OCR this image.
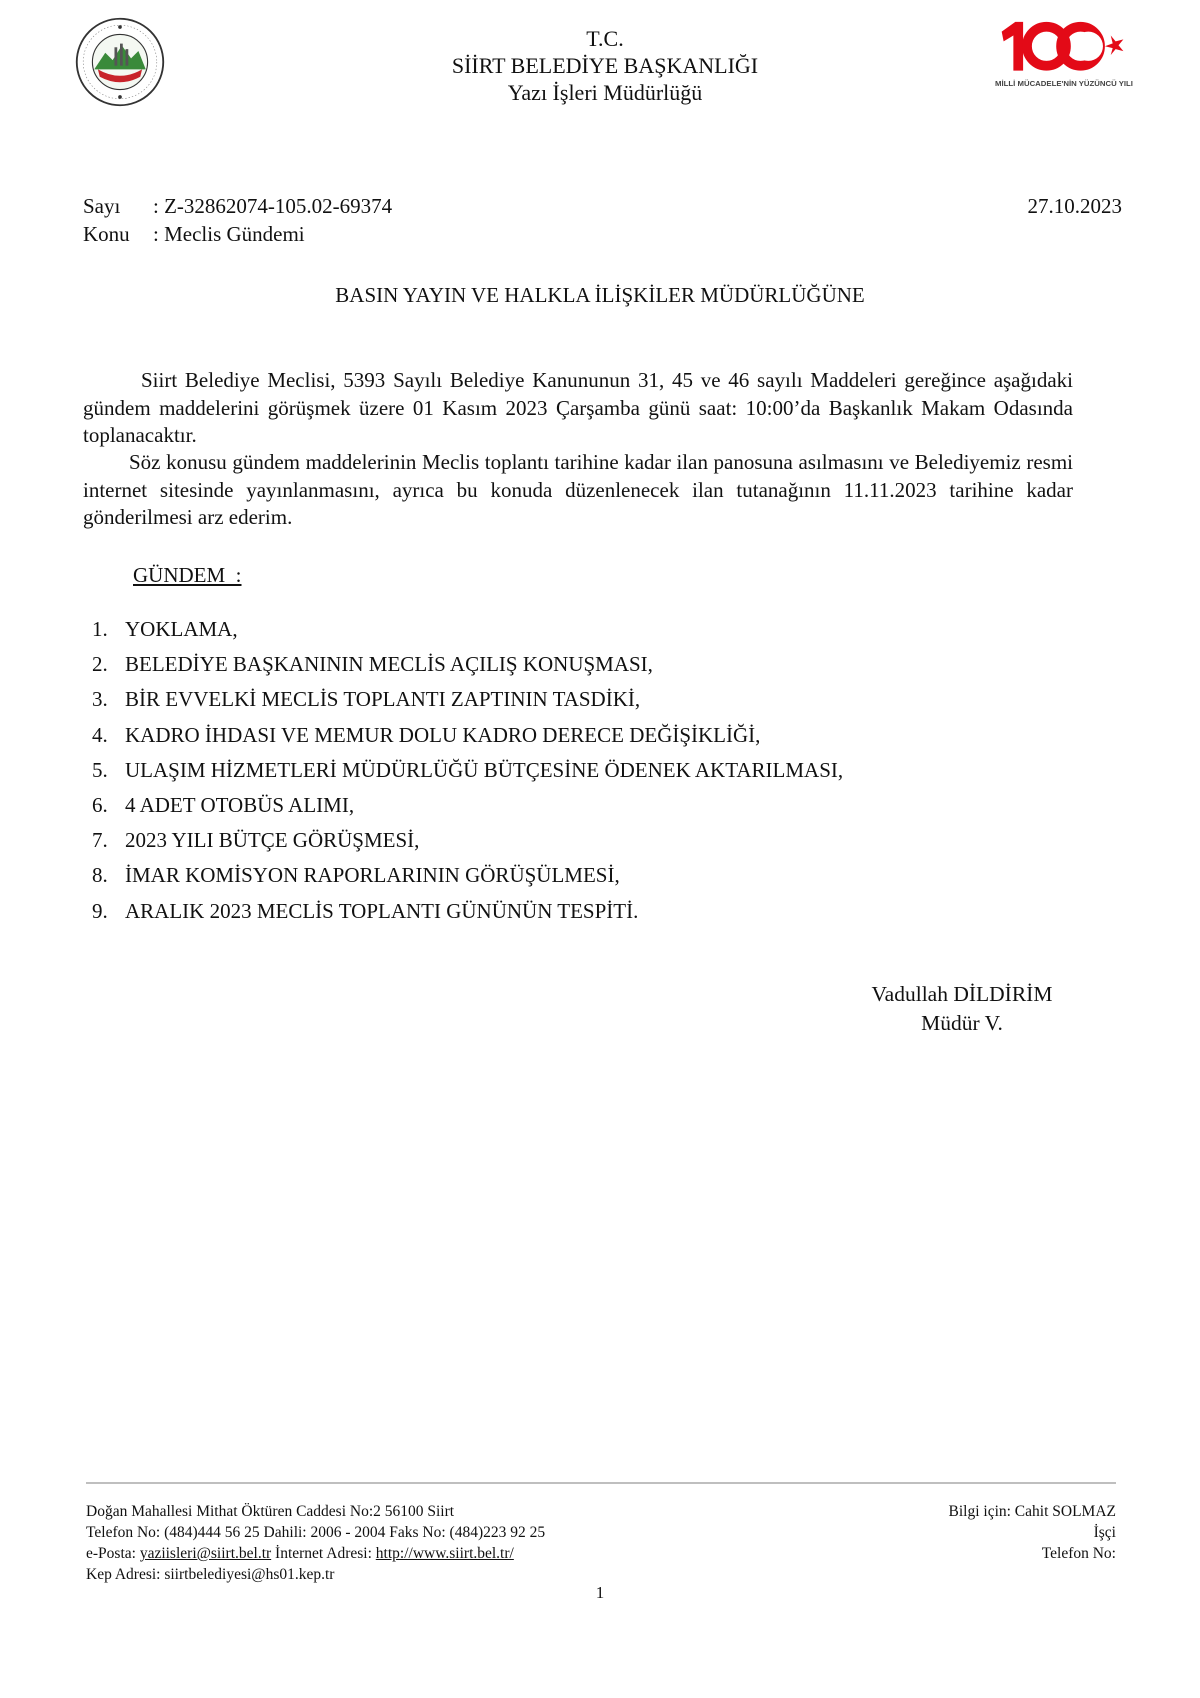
T.C.
SİİRT BELEDİYE BAŞKANLIĞI
Yazı İşleri Müdürlüğü	MİLLİ MÜCADELE'NİN YÜZÜNCÜ YILI
Sayı : Z-32862074-105.02-69374	27.10.2023
Konu : Meclis Gündemi
BASIN YAYIN VE HALKLA İLİŞKİLER MÜDÜRLÜĞÜNE
Siirt Belediye Meclisi, 5393 Sayılı Belediye Kanununun 31, 45 ve 46 sayılı Maddeleri gereğince aşağıdaki gündem maddelerini görüşmek üzere 01 Kasım 2023 Çarşamba günü saat: 10:00’da Başkanlık Makam Odasında toplanacaktır.
Söz konusu gündem maddelerinin Meclis toplantı tarihine kadar ilan panosuna asılmasını ve Belediyemiz resmi internet sitesinde yayınlanmasını, ayrıca bu konuda düzenlenecek ilan tutanağının 11.11.2023 tarihine kadar gönderilmesi arz ederim.
GÜNDEM  :
1. YOKLAMA,
2. BELEDİYE BAŞKANININ MECLİS AÇILIŞ KONUŞMASI,
3. BİR EVVELKİ MECLİS TOPLANTI ZAPTININ TASDİKİ,
4. KADRO İHDASI VE MEMUR DOLU KADRO DERECE DEĞİŞİKLİĞİ,
5. ULAŞIM HİZMETLERİ MÜDÜRLÜĞÜ BÜTÇESİNE ÖDENEK AKTARILMASI,
6. 4 ADET OTOBÜS ALIMI,
7. 2023 YILI BÜTÇE GÖRÜŞMESİ,
8. İMAR KOMİSYON RAPORLARININ GÖRÜŞÜLMESİ,
9. ARALIK 2023 MECLİS TOPLANTI GÜNÜNÜN TESPİTİ.
Vadullah DİLDİRİM
Müdür V.
Doğan Mahallesi Mithat Öktüren Caddesi No:2 56100 Siirt
Telefon No: (484)444 56 25 Dahili: 2006 - 2004 Faks No: (484)223 92 25
e-Posta: yaziisleri@siirt.bel.tr İnternet Adresi: http://www.siirt.bel.tr/
Kep Adresi: siirtbelediyesi@hs01.kep.tr
Bilgi için: Cahit SOLMAZ
İşçi
Telefon No:
1
